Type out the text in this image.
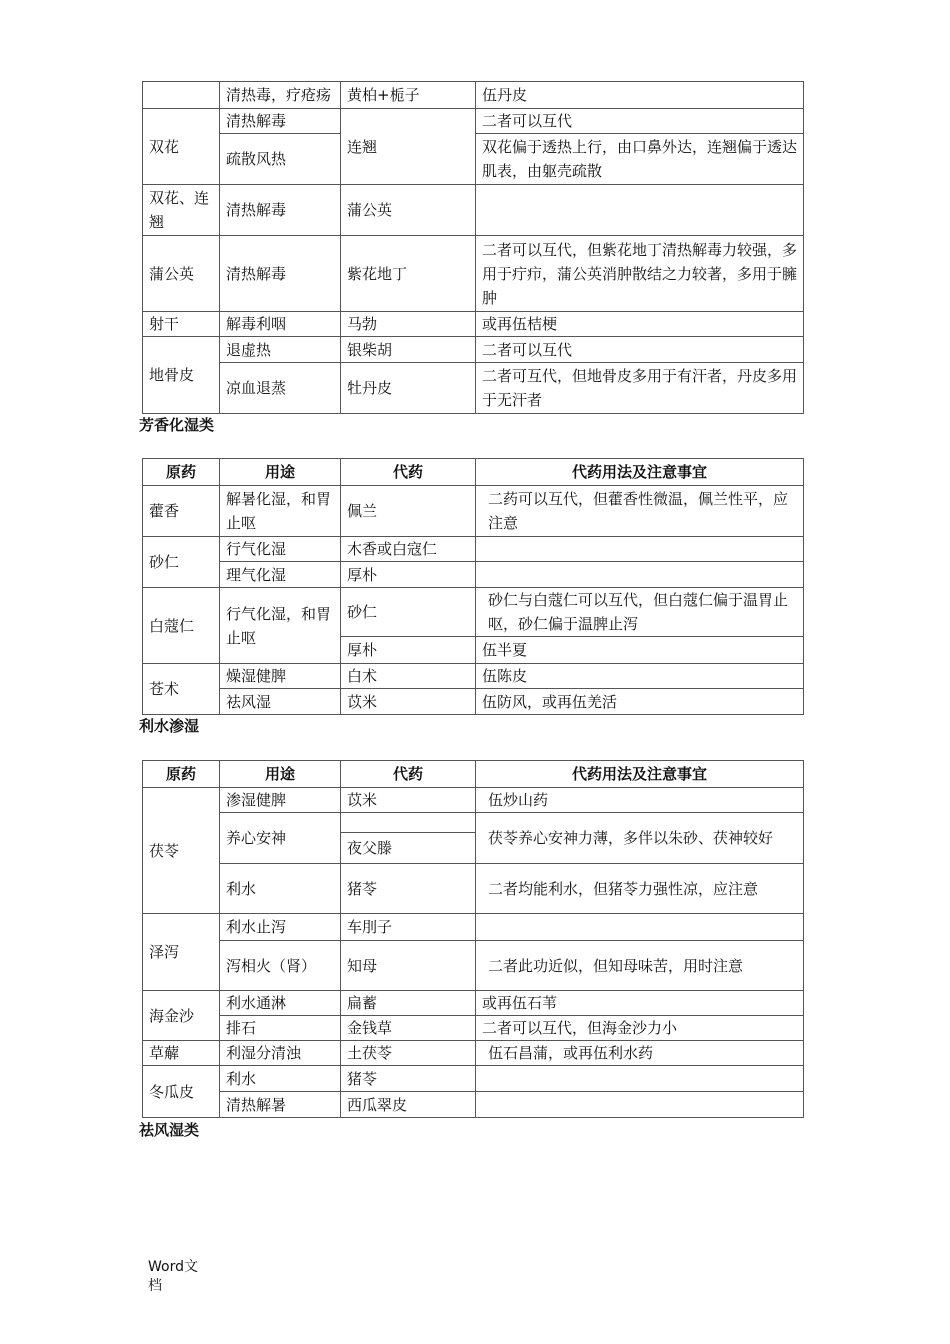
	清热毒，疗疮疡	黄柏+栀子	伍丹皮
双花	清热解毒	连翘	二者可以互代
	疏散风热		双花偏于透热上行，由口鼻外达，连翘偏于透达肌表，由躯壳疏散
双花、连翘	清热解毒	蒲公英	
蒲公英	清热解毒	紫花地丁	二者可以互代，但紫花地丁清热解毒力较强，多用于疔疖，蒲公英消肿散结之力较著，多用于臃肿
射干	解毒利咽	马勃	或再伍桔梗
地骨皮	退虚热	银柴胡	二者可以互代
	凉血退蒸	牡丹皮	二者可互代，但地骨皮多用于有汗者，丹皮多用于无汗者
芳香化湿类
原药	用途	代药	代药用法及注意事宜
藿香	解暑化湿，和胃止呕	佩兰	二药可以互代，但藿香性微温，佩兰性平，应注意
砂仁	行气化湿	木香或白寇仁	
	理气化湿	厚朴	
白蔻仁	行气化湿，和胃止呕	砂仁	砂仁与白蔻仁可以互代，但白蔻仁偏于温胃止呕，砂仁偏于温脾止泻
		厚朴	伍半夏
苍术	燥湿健脾	白术	伍陈皮
	祛风湿	苡米	伍防风，或再伍羌活
利水渗湿
原药	用途	代药	代药用法及注意事宜
茯苓	渗湿健脾	苡米	伍炒山药
	养心安神		茯苓养心安神力薄，多伴以朱砂、茯神较好
		夜父滕	
	利水	猪苓	二者均能利水，但猪苓力强性凉，应注意
泽泻	利水止泻	车刖子	
	泻相火（肾）	知母	二者此功近似，但知母味苦，用时注意
海金沙	利水通淋	扁蓄	或再伍石苇
	排石	金钱草	二者可以互代，但海金沙力小
草薢	利湿分清浊	土茯苓	伍石昌蒲，或再伍利水药
冬瓜皮	利水	猪苓	
	清热解暑	西瓜翠皮	
祛风湿类
Word文档
